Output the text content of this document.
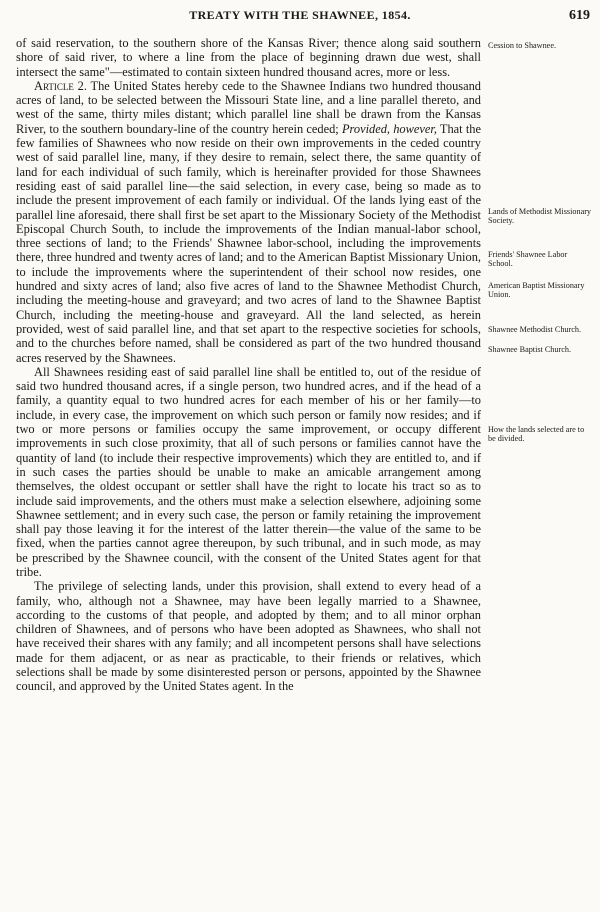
TREATY WITH THE SHAWNEE, 1854.	619

of said reservation, to the southern shore of the Kansas River; thence along said southern shore of said river, to where a line from the place of beginning drawn due west, shall intersect the same"—estimated to contain sixteen hundred thousand acres, more or less.

Article 2. The United States hereby cede to the Shawnee Indians two hundred thousand acres of land, to be selected between the Missouri State line, and a line parallel thereto, and west of the same, thirty miles distant; which parallel line shall be drawn from the Kansas River, to the southern boundary-line of the country herein ceded; Provided, however, That the few families of Shawnees who now reside on their own improvements in the ceded country west of said parallel line, many, if they desire to remain, select there, the same quantity of land for each individual of such family, which is hereinafter provided for those Shawnees residing east of said parallel line—the said selection, in every case, being so made as to include the present improvement of each family or individual. Of the lands lying east of the parallel line aforesaid, there shall first be set apart to the Missionary Society of the Methodist Episcopal Church South, to include the improvements of the Indian manual-labor school, three sections of land; to the Friends' Shawnee labor-school, including the improvements there, three hundred and twenty acres of land; and to the American Baptist Missionary Union, to include the improvements where the superintendent of their school now resides, one hundred and sixty acres of land; also five acres of land to the Shawnee Methodist Church, including the meeting-house and graveyard; and two acres of land to the Shawnee Baptist Church, including the meeting-house and graveyard. All the land selected, as herein provided, west of said parallel line, and that set apart to the respective societies for schools, and to the churches before named, shall be considered as part of the two hundred thousand acres reserved by the Shawnees.

All Shawnees residing east of said parallel line shall be entitled to, out of the residue of said two hundred thousand acres, if a single person, two hundred acres, and if the head of a family, a quantity equal to two hundred acres for each member of his or her family—to include, in every case, the improvement on which such person or family now resides; and if two or more persons or families occupy the same improvement, or occupy different improvements in such close proximity, that all of such persons or families cannot have the quantity of land (to include their respective improvements) which they are entitled to, and if in such cases the parties should be unable to make an amicable arrangement among themselves, the oldest occupant or settler shall have the right to locate his tract so as to include said improvements, and the others must make a selection elsewhere, adjoining some Shawnee settlement; and in every such case, the person or family retaining the improvement shall pay those leaving it for the interest of the latter therein—the value of the same to be fixed, when the parties cannot agree thereupon, by such tribunal, and in such mode, as may be prescribed by the Shawnee council, with the consent of the United States agent for that tribe.

The privilege of selecting lands, under this provision, shall extend to every head of a family, who, although not a Shawnee, may have been legally married to a Shawnee, according to the customs of that people, and adopted by them; and to all minor orphan children of Shawnees, and of persons who have been adopted as Shawnees, who shall not have received their shares with any family; and all incompetent persons shall have selections made for them adjacent, or as near as practicable, to their friends or relatives, which selections shall be made by some disinterested person or persons, appointed by the Shawnee council, and approved by the United States agent. In the

Cession to Shawnee.
Lands of Methodist Missionary Society.
Friends' Shawnee Labor School.
American Baptist Missionary Union.
Shawnee Methodist Church.
Shawnee Baptist Church.
How the lands selected are to be divided.
